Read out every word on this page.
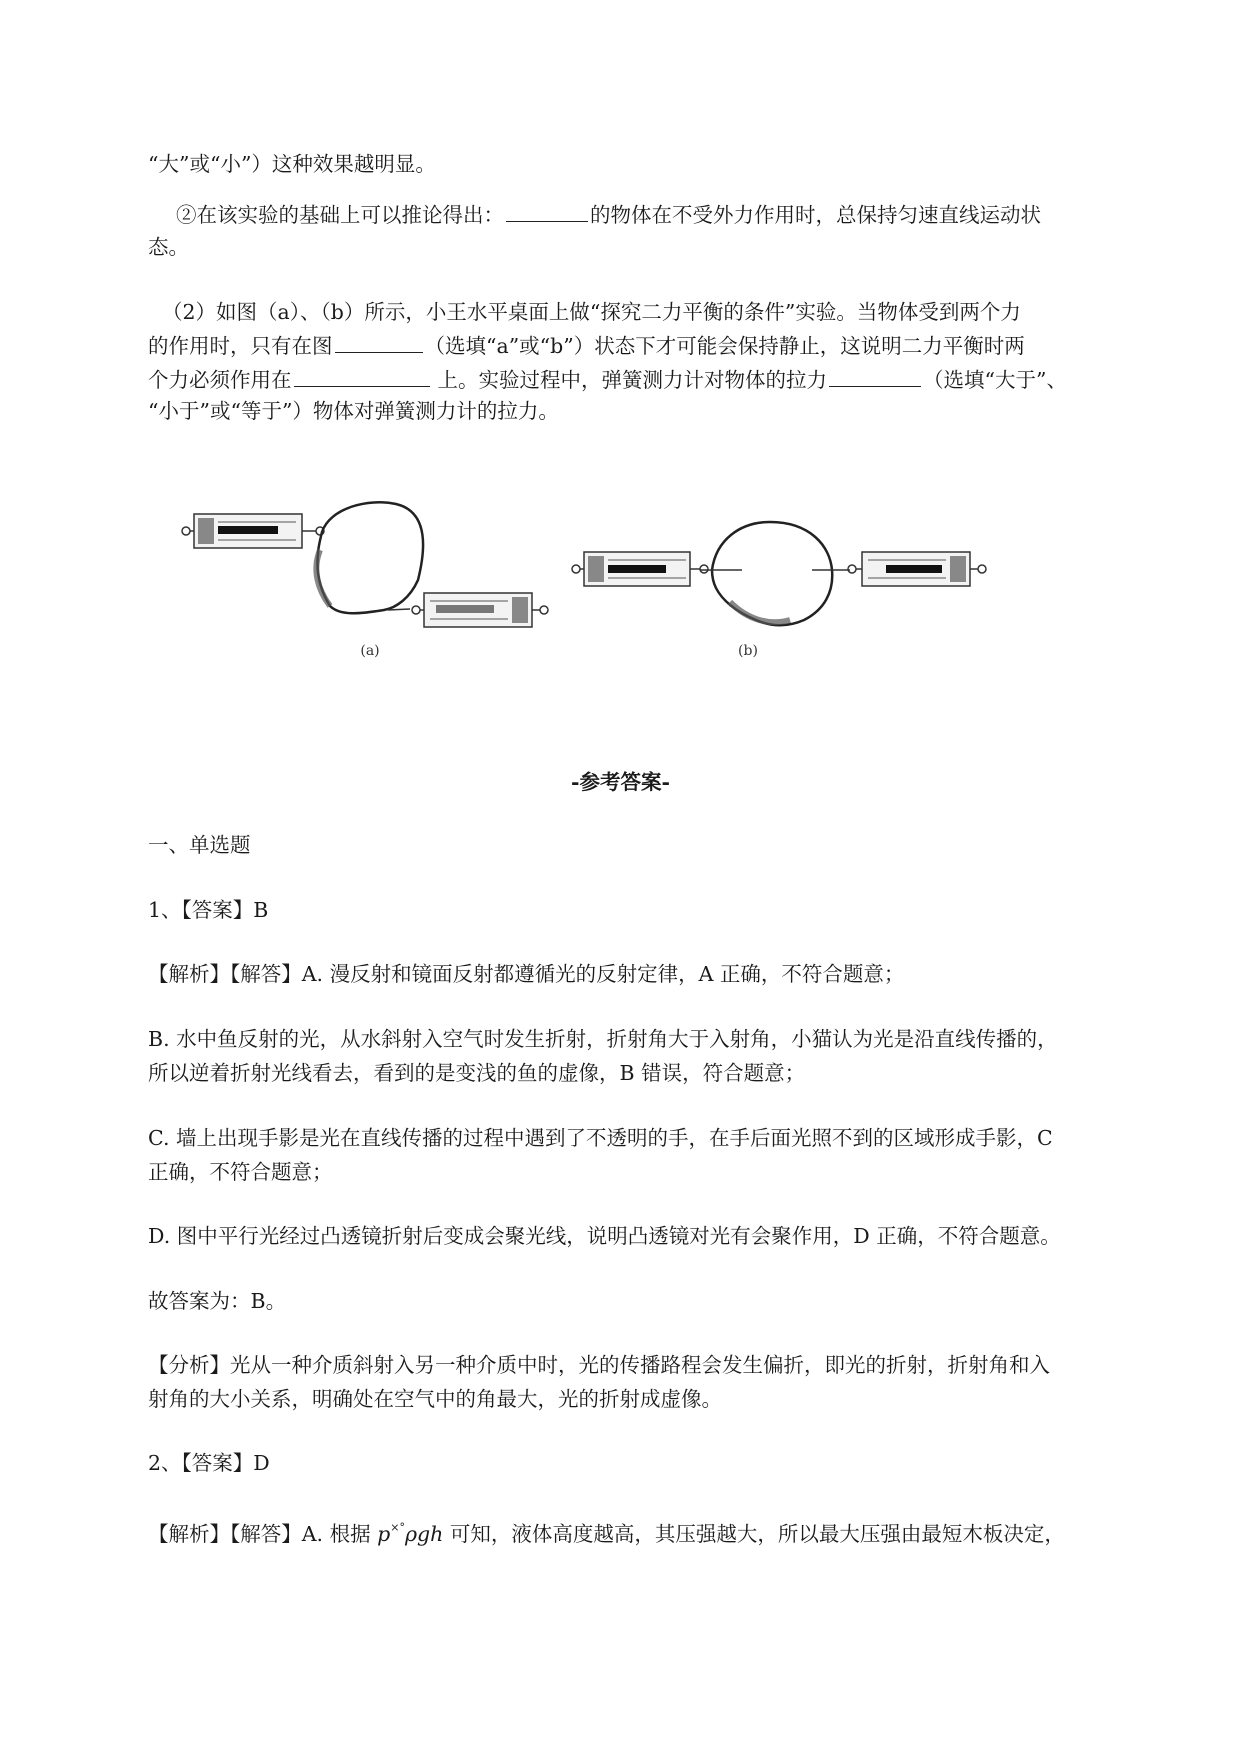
“大”或“小”）这种效果越明显。
②在该实验的基础上可以推论得出：	的物体在不受外力作用时，总保持匀速直线运动状
态。
（2）如图（a）、（b）所示，小王水平桌面上做“探究二力平衡的条件”实验。当物体受到两个力
的作用时，只有在图	（选填“a”或“b”）状态下才可能会保持静止，这说明二力平衡时两
个力必须作用在	上。实验过程中，弹簧测力计对物体的拉力	（选填“大于”、
“小于”或“等于”）物体对弹簧测力计的拉力。
(a)	(b)
-参考答案-
一、单选题
1、【答案】B
【解析】【解答】A. 漫反射和镜面反射都遵循光的反射定律，A 正确，不符合题意；
B. 水中鱼反射的光，从水斜射入空气时发生折射，折射角大于入射角，小猫认为光是沿直线传播的，
所以逆着折射光线看去，看到的是变浅的鱼的虚像，B 错误，符合题意；
C. 墙上出现手影是光在直线传播的过程中遇到了不透明的手，在手后面光照不到的区域形成手影，C
正确，不符合题意；
D. 图中平行光经过凸透镜折射后变成会聚光线，说明凸透镜对光有会聚作用，D 正确，不符合题意。
故答案为：B。
【分析】光从一种介质斜射入另一种介质中时，光的传播路程会发生偏折，即光的折射，折射角和入
射角的大小关系，明确处在空气中的角最大，光的折射成虚像。
2、【答案】D
【解析】【解答】A. 根据 p×°ρgh 可知，液体高度越高，其压强越大，所以最大压强由最短木板决定，
